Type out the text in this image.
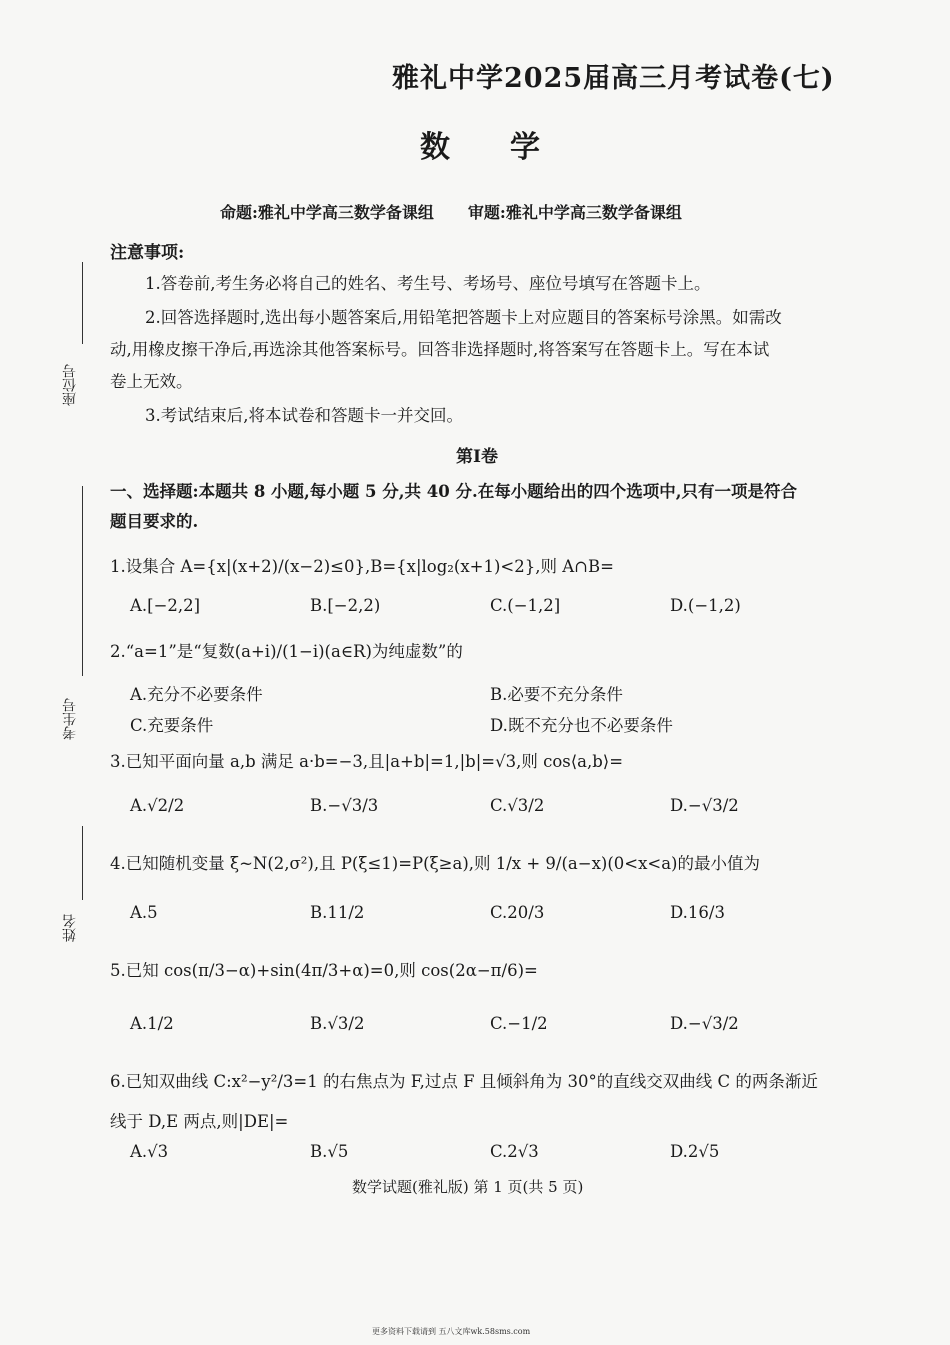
雅礼中学2025届高三月考试卷(七)
数学
命题:雅礼中学高三数学备课组 审题:雅礼中学高三数学备课组
座位号
考生号
姓名
注意事项:
1.答卷前,考生务必将自己的姓名、考生号、考场号、座位号填写在答题卡上。
2.回答选择题时,选出每小题答案后,用铅笔把答题卡上对应题目的答案标号涂黑。如需改
动,用橡皮擦干净后,再选涂其他答案标号。回答非选择题时,将答案写在答题卡上。写在本试
卷上无效。
3.考试结束后,将本试卷和答题卡一并交回。
第Ⅰ卷
一、选择题:本题共 8 小题,每小题 5 分,共 40 分.在每小题给出的四个选项中,只有一项是符合
题目要求的.
1.设集合 A={x|(x+2)/(x−2)≤0},B={x|log₂(x+1)<2},则 A∩B=
A.[−2,2]	B.[−2,2)	C.(−1,2]	D.(−1,2)
2.“a=1”是“复数(a+i)/(1−i)(a∈R)为纯虚数”的
A.充分不必要条件	B.必要不充分条件
C.充要条件	D.既不充分也不必要条件
3.已知平面向量 a,b 满足 a·b=−3,且|a+b|=1,|b|=√3,则 cos⟨a,b⟩=
A.√2/2	B.−√3/3	C.√3/2	D.−√3/2
4.已知随机变量 ξ~N(2,σ²),且 P(ξ≤1)=P(ξ≥a),则 1/x + 9/(a−x)(0<x<a)的最小值为
A.5	B.11/2	C.20/3	D.16/3
5.已知 cos(π/3−α)+sin(4π/3+α)=0,则 cos(2α−π/6)=
A.1/2	B.√3/2	C.−1/2	D.−√3/2
6.已知双曲线 C:x²−y²/3=1 的右焦点为 F,过点 F 且倾斜角为 30°的直线交双曲线 C 的两条渐近
线于 D,E 两点,则|DE|=
A.√3	B.√5	C.2√3	D.2√5
数学试题(雅礼版) 第 1 页(共 5 页)
更多资料下载请到 五八文库wk.58sms.com
